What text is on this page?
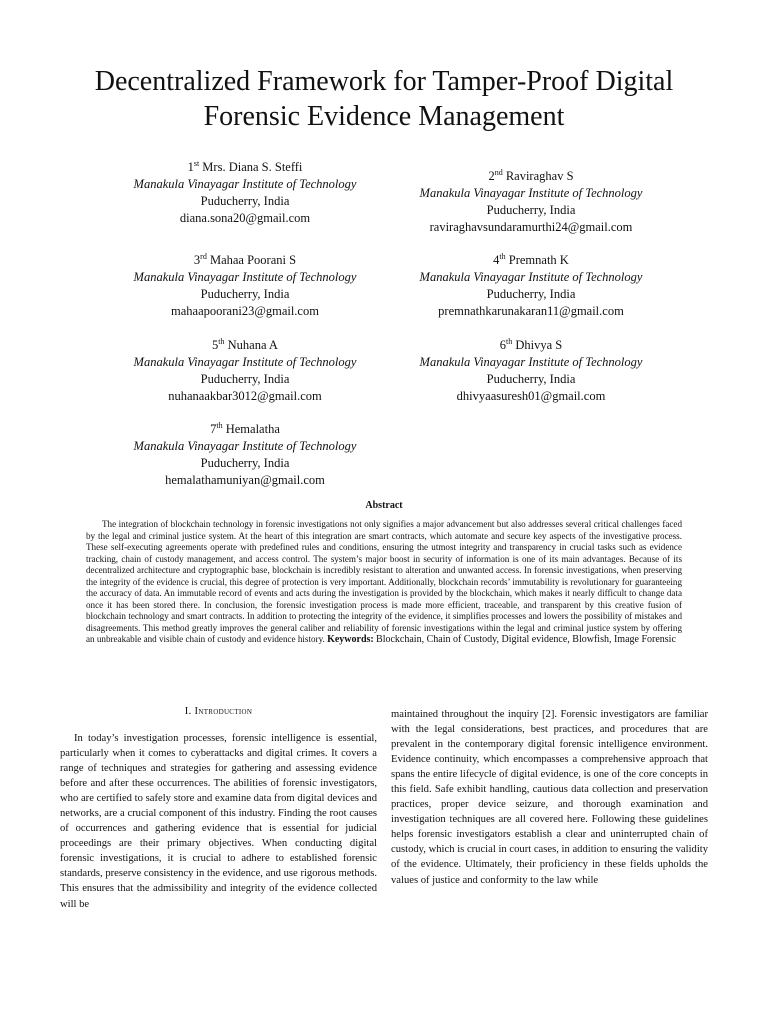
Decentralized Framework for Tamper-Proof Digital
Forensic Evidence Management
1st Mrs. Diana S. Steffi
Manakula Vinayagar Institute of Technology
Puducherry, India
diana.sona20@gmail.com
2nd Raviraghav S
Manakula Vinayagar Institute of Technology
Puducherry, India
raviraghavsundaramurthi24@gmail.com
3rd Mahaa Poorani S
Manakula Vinayagar Institute of Technology
Puducherry, India
mahaapoorani23@gmail.com
4th Premnath K
Manakula Vinayagar Institute of Technology
Puducherry, India
premnathkarunakaran11@gmail.com
5th Nuhana A
Manakula Vinayagar Institute of Technology
Puducherry, India
nuhanaakbar3012@gmail.com
6th Dhivya S
Manakula Vinayagar Institute of Technology
Puducherry, India
dhivyaasuresh01@gmail.com
7th Hemalatha
Manakula Vinayagar Institute of Technology
Puducherry, India
hemalathamuniyan@gmail.com
Abstract

The integration of blockchain technology in forensic investigations not only signifies a major advancement but also addresses several critical challenges faced by the legal and criminal justice system. At the heart of this integration are smart contracts, which automate and secure key aspects of the investigative process. These self-executing agreements operate with predefined rules and conditions, ensuring the utmost integrity and transparency in crucial tasks such as evidence tracking, chain of custody management, and access control. The system’s major boost in security of information is one of its main advantages. Because of its decentralized architecture and cryptographic base, blockchain is incredibly resistant to alteration and unwanted access. In forensic investigations, when preserving the integrity of the evidence is crucial, this degree of protection is very important. Additionally, blockchain records’ immutability is revolutionary for guaranteeing the accuracy of data. An immutable record of events and acts during the investigation is provided by the blockchain, which makes it nearly difficult to change data once it has been stored there. In conclusion, the forensic investigation process is made more efficient, traceable, and transparent by this creative fusion of blockchain technology and smart contracts. In addition to protecting the integrity of the evidence, it simplifies processes and lowers the possibility of mistakes and disagreements. This method greatly improves the general caliber and reliability of forensic investigations within the legal and criminal justice system by offering an unbreakable and visible chain of custody and evidence history. Keywords: Blockchain, Chain of Custody, Digital evidence, Blowfish, Image Forensic

I. Introduction

In today’s investigation processes, forensic intelligence is essential, particularly when it comes to cyberattacks and digital crimes. It covers a range of techniques and strategies for gathering and assessing evidence before and after these occurrences. The abilities of forensic investigators, who are certified to safely store and examine data from digital devices and networks, are a crucial component of this industry. Finding the root causes of occurrences and gathering evidence that is essential for judicial proceedings are their primary objectives. When conducting digital forensic investigations, it is crucial to adhere to established forensic standards, preserve consistency in the evidence, and use rigorous methods. This ensures that the admissibility and integrity of the evidence collected will be

maintained throughout the inquiry [2]. Forensic investigators are familiar with the legal considerations, best practices, and procedures that are prevalent in the contemporary digital forensic intelligence environment. Evidence continuity, which encompasses a comprehensive approach that spans the entire lifecycle of digital evidence, is one of the core concepts in this field. Safe exhibit handling, cautious data collection and preservation practices, proper device seizure, and thorough examination and investigation techniques are all covered here. Following these guidelines helps forensic investigators establish a clear and uninterrupted chain of custody, which is crucial in court cases, in addition to ensuring the validity of the evidence. Ultimately, their proficiency in these fields upholds the values of justice and conformity to the law while
